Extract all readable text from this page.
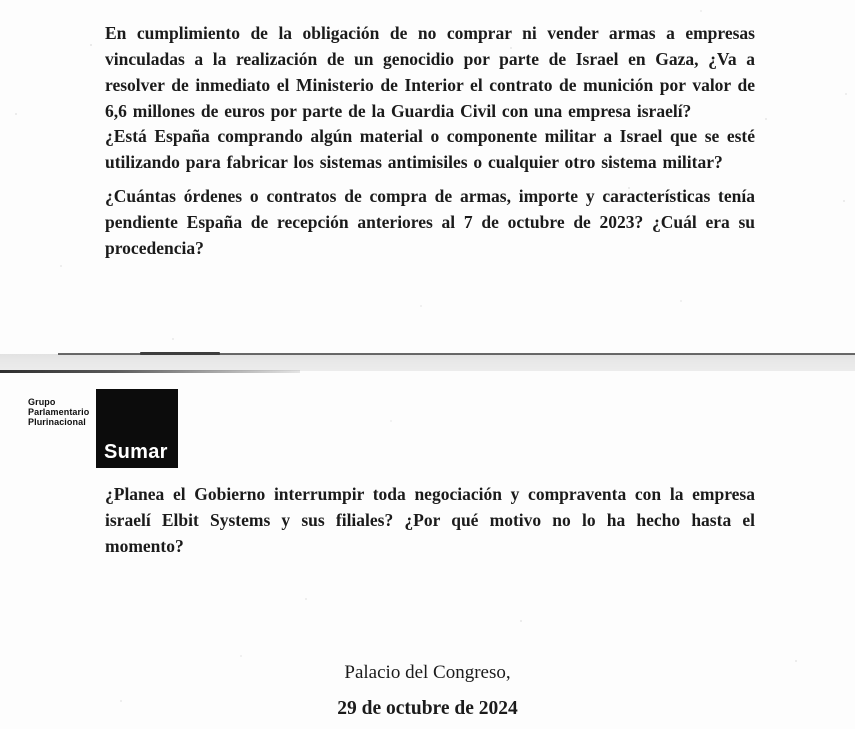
En cumplimiento de la obligación de no comprar ni vender armas a empresas vinculadas a la realización de un genocidio por parte de Israel en Gaza, ¿Va a resolver de inmediato el Ministerio de Interior el contrato de munición por valor de 6,6 millones de euros por parte de la Guardia Civil con una empresa israelí?

¿Está España comprando algún material o componente militar a Israel que se esté utilizando para fabricar los sistemas antimisiles o cualquier otro sistema militar?

¿Cuántas órdenes o contratos de compra de armas, importe y características tenía pendiente España de recepción anteriores al 7 de octubre de 2023? ¿Cuál era su procedencia?

Grupo
Parlamentario
Plurinacional
Sumar

¿Planea el Gobierno interrumpir toda negociación y compraventa con la empresa israelí Elbit Systems y sus filiales? ¿Por qué motivo no lo ha hecho hasta el momento?

Palacio del Congreso,

29 de octubre de 2024
